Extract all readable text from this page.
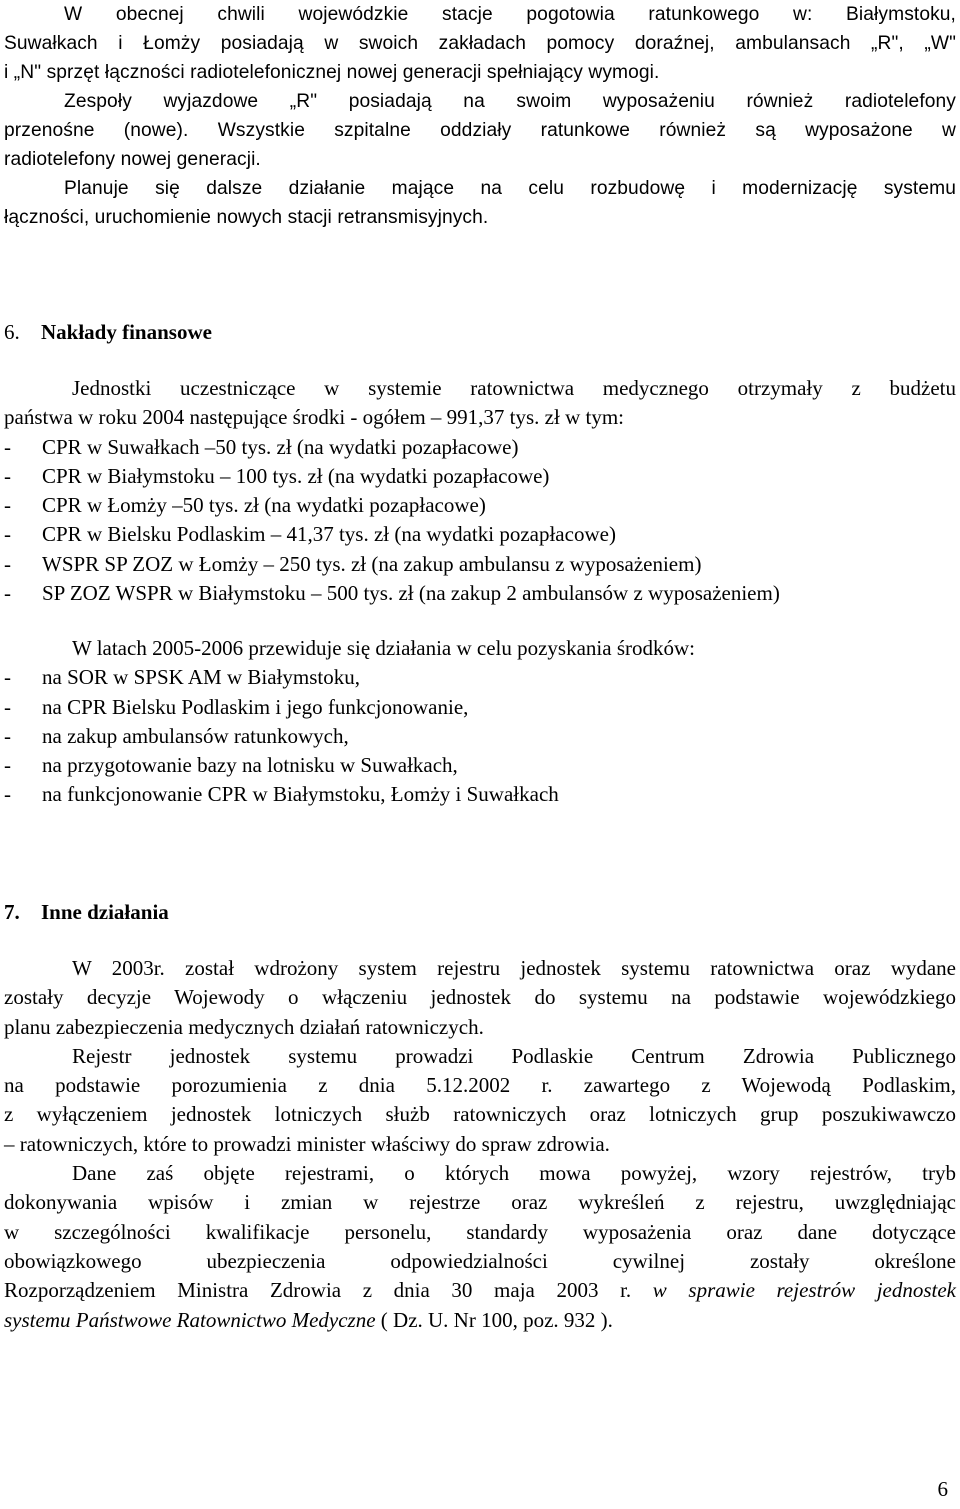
W obecnej chwili wojewódzkie stacje pogotowia ratunkowego w: Białymstoku,
Suwałkach i Łomży posiadają w swoich zakładach pomocy doraźnej, ambulansach „R", „W"
i „N" sprzęt łączności radiotelefonicznej nowej generacji spełniający wymogi.
Zespoły wyjazdowe „R" posiadają na swoim wyposażeniu również radiotelefony
przenośne (nowe). Wszystkie szpitalne oddziały ratunkowe również są wyposażone w
radiotelefony nowej generacji.
Planuje się dalsze działanie mające na celu rozbudowę i modernizację systemu
łączności, uruchomienie nowych stacji retransmisyjnych.
6. Nakłady finansowe
Jednostki uczestniczące w systemie ratownictwa medycznego otrzymały z budżetu
państwa w roku 2004 następujące środki - ogółem – 991,37 tys. zł w tym:
-	CPR w Suwałkach –50 tys. zł (na wydatki pozapłacowe)
-	CPR w Białymstoku – 100 tys. zł (na wydatki pozapłacowe)
-	CPR w Łomży –50 tys. zł (na wydatki pozapłacowe)
-	CPR w Bielsku Podlaskim – 41,37 tys. zł (na wydatki pozapłacowe)
-	WSPR SP ZOZ w Łomży – 250 tys. zł (na zakup ambulansu z wyposażeniem)
-	SP ZOZ WSPR w Białymstoku – 500 tys. zł (na zakup 2 ambulansów z wyposażeniem)
W latach 2005-2006 przewiduje się działania w celu pozyskania środków:
-	na SOR w SPSK AM w Białymstoku,
-	na CPR Bielsku Podlaskim i jego funkcjonowanie,
-	na zakup ambulansów ratunkowych,
-	na przygotowanie bazy na lotnisku w Suwałkach,
-	na funkcjonowanie CPR w Białymstoku, Łomży i Suwałkach
7. Inne działania
W 2003r. został wdrożony system rejestru jednostek systemu ratownictwa oraz wydane
zostały decyzje Wojewody o włączeniu jednostek do systemu na podstawie wojewódzkiego
planu zabezpieczenia medycznych działań ratowniczych.
Rejestr jednostek systemu prowadzi Podlaskie Centrum Zdrowia Publicznego
na podstawie porozumienia z dnia 5.12.2002 r. zawartego z Wojewodą Podlaskim,
z wyłączeniem jednostek lotniczych służb ratowniczych oraz lotniczych grup poszukiwawczo
– ratowniczych, które to prowadzi minister właściwy do spraw zdrowia.
Dane zaś objęte rejestrami, o których mowa powyżej, wzory rejestrów, tryb
dokonywania wpisów i zmian w rejestrze oraz wykreśleń z rejestru, uwzględniając
w szczególności kwalifikacje personelu, standardy wyposażenia oraz dane dotyczące
obowiązkowego ubezpieczenia odpowiedzialności cywilnej zostały określone
Rozporządzeniem Ministra Zdrowia z dnia 30 maja 2003 r. w sprawie rejestrów jednostek
systemu Państwowe Ratownictwo Medyczne ( Dz. U. Nr 100, poz. 932 ).
6
